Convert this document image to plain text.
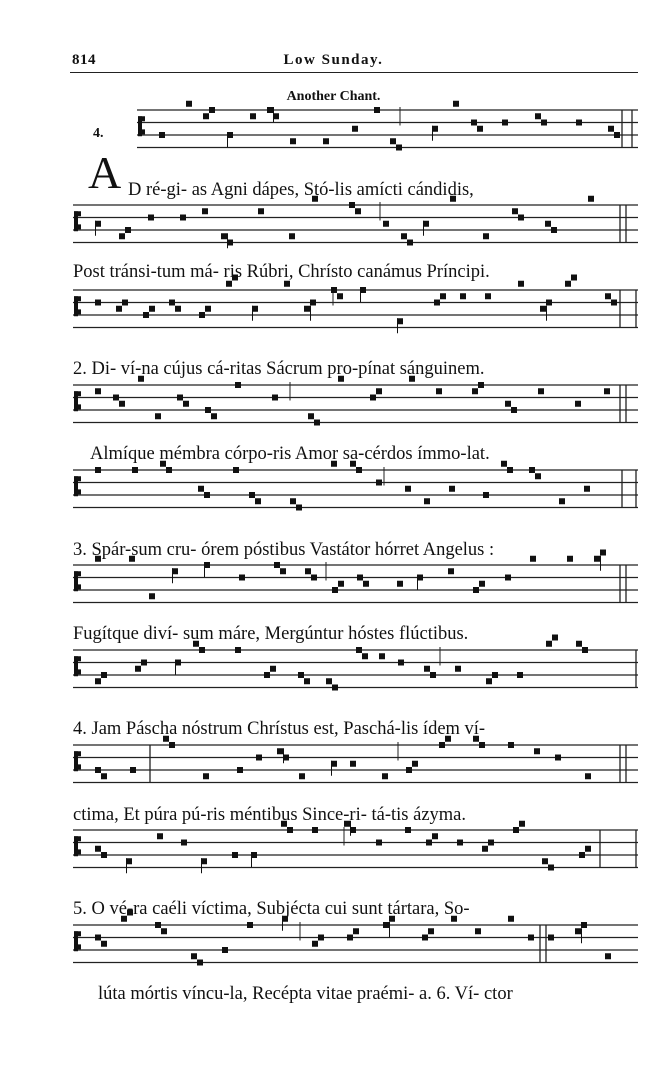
814	Low Sunday.
Another Chant.
4.
A D ré-gi- as Agni dápes, Stó-lis amícti cándidis,
Post tránsi-tum má- ris Rúbri, Chrísto canámus Príncipi.
2. Di- ví-na cújus cá-ritas Sácrum pro-pínat sánguinem.
Almíque mémbra córpo-ris Amor sa-cérdos ímmo-lat.
3. Spár-sum cru- órem póstibus Vastátor hórret Angelus :
Fugítque diví- sum máre, Mergúntur hóstes flúctibus.
4. Jam Páscha nóstrum Chrístus est, Paschá-lis ídem ví-
ctima, Et púra pú-ris méntibus Since-ri- tá-tis ázyma.
5. O vé-ra caéli víctima, Subjécta cui sunt tártara, So-
lúta mórtis víncu-la, Recépta vitae praémi- a. 6. Ví- ctor
